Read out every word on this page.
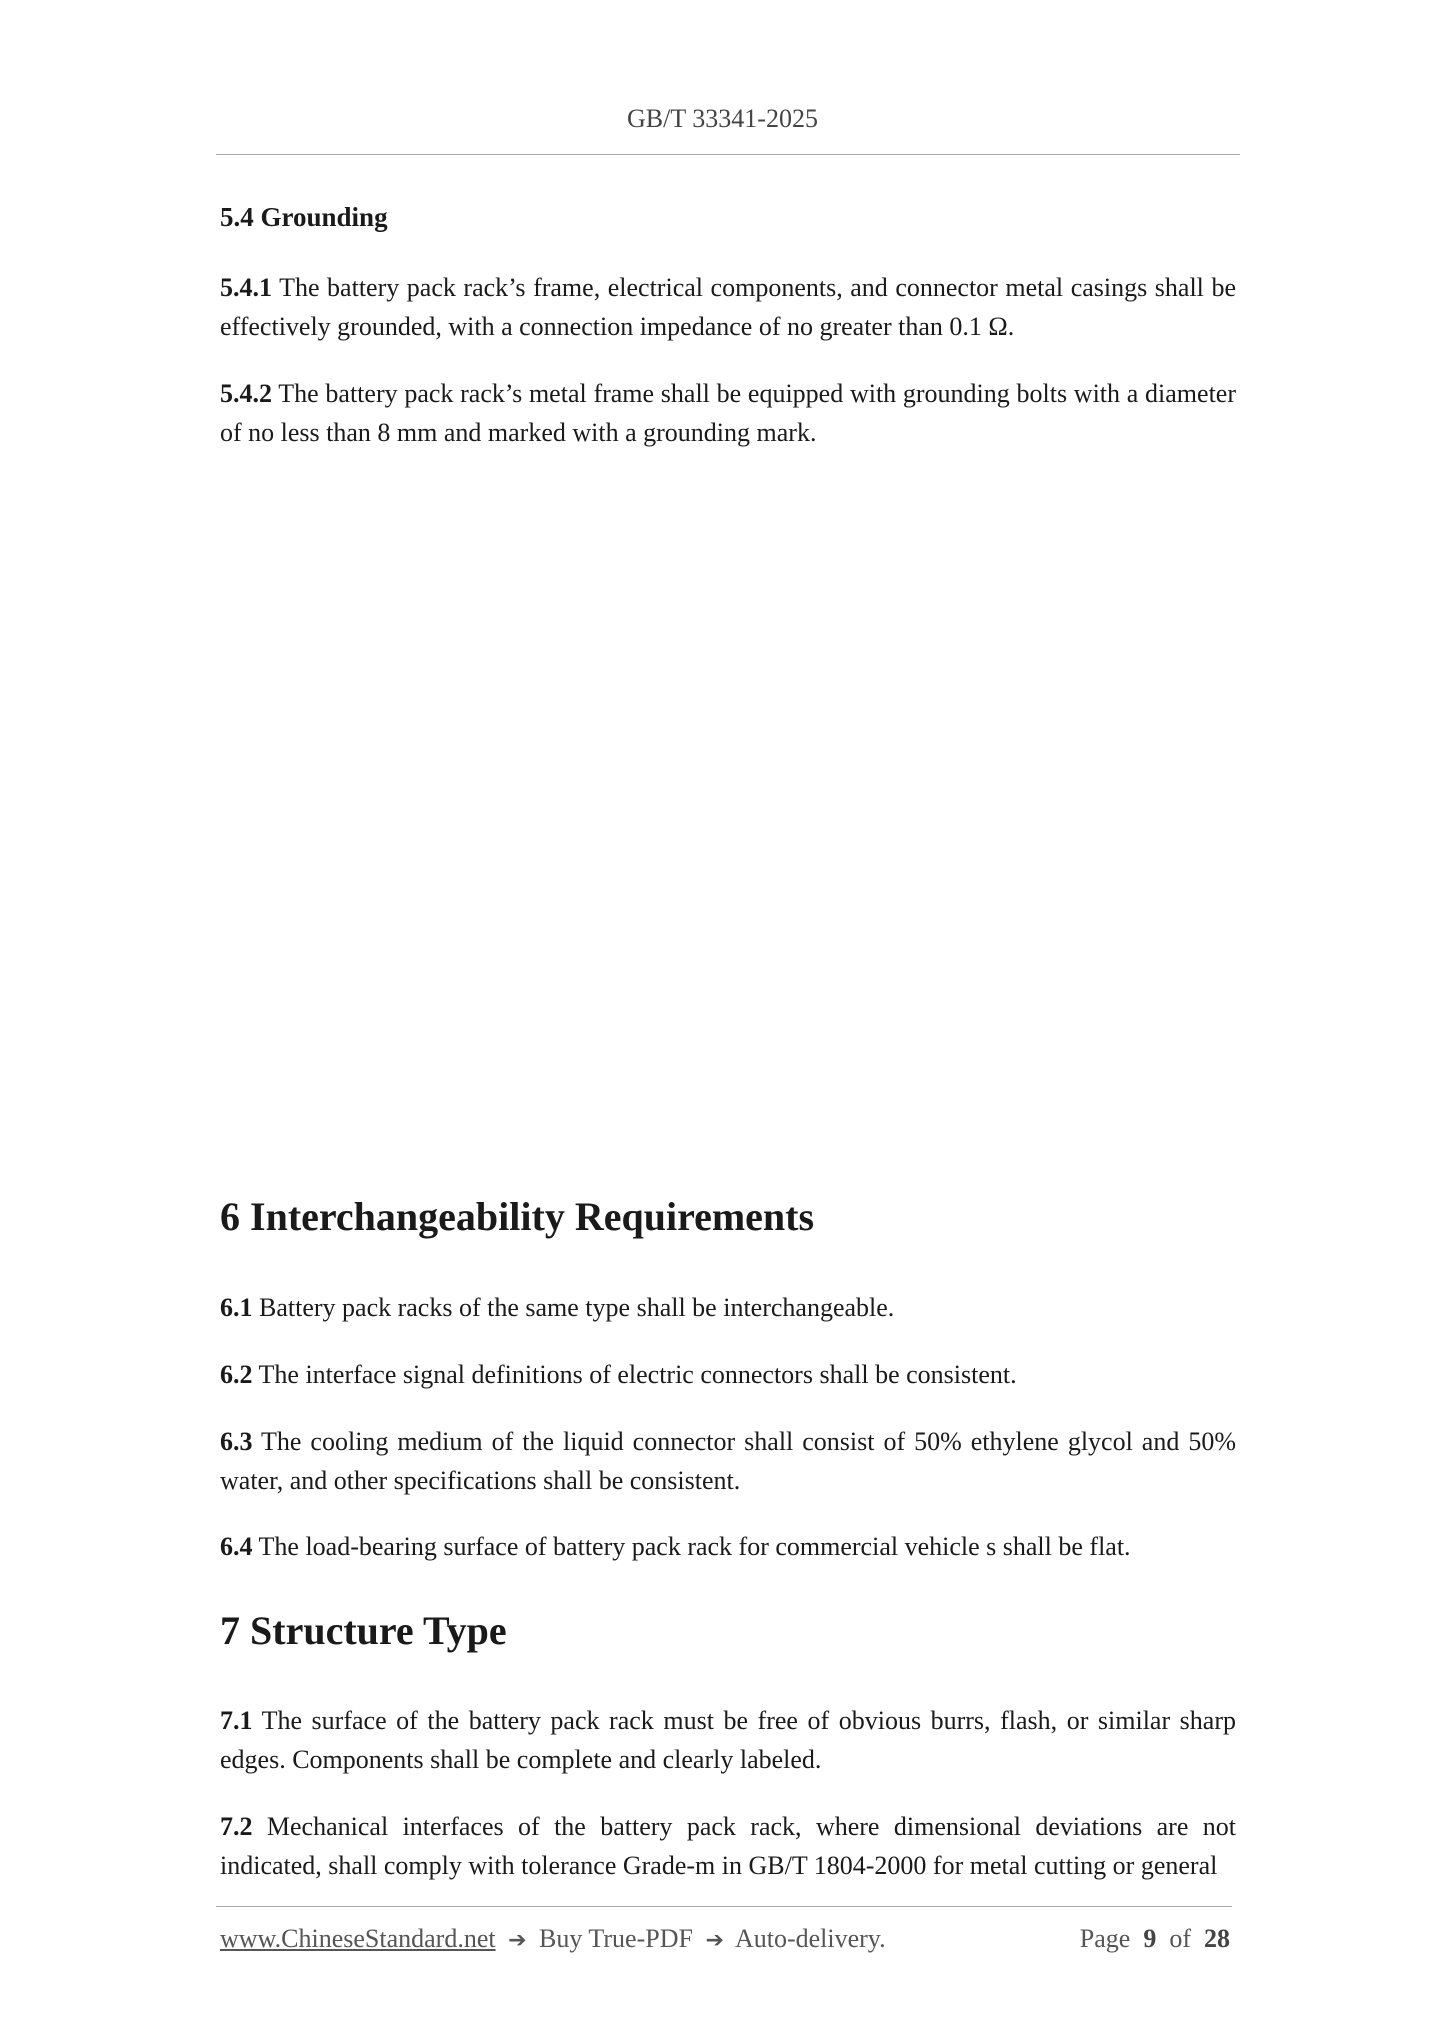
GB/T 33341-2025
5.4 Grounding

5.4.1 The battery pack rack’s frame, electrical components, and connector metal casings shall be effectively grounded, with a connection impedance of no greater than 0.1 Ω.

5.4.2 The battery pack rack’s metal frame shall be equipped with grounding bolts with a diameter of no less than 8 mm and marked with a grounding mark.

6 Interchangeability Requirements

6.1 Battery pack racks of the same type shall be interchangeable.

6.2 The interface signal definitions of electric connectors shall be consistent.

6.3 The cooling medium of the liquid connector shall consist of 50% ethylene glycol and 50% water, and other specifications shall be consistent.

6.4 The load-bearing surface of battery pack rack for commercial vehicle s shall be flat.

7 Structure Type

7.1 The surface of the battery pack rack must be free of obvious burrs, flash, or similar sharp edges. Components shall be complete and clearly labeled.

7.2 Mechanical interfaces of the battery pack rack, where dimensional deviations are not indicated, shall comply with tolerance Grade-m in GB/T 1804-2000 for metal cutting or general

www.ChineseStandard.net ➔ Buy True-PDF ➔ Auto-delivery.	Page 9 of 28
